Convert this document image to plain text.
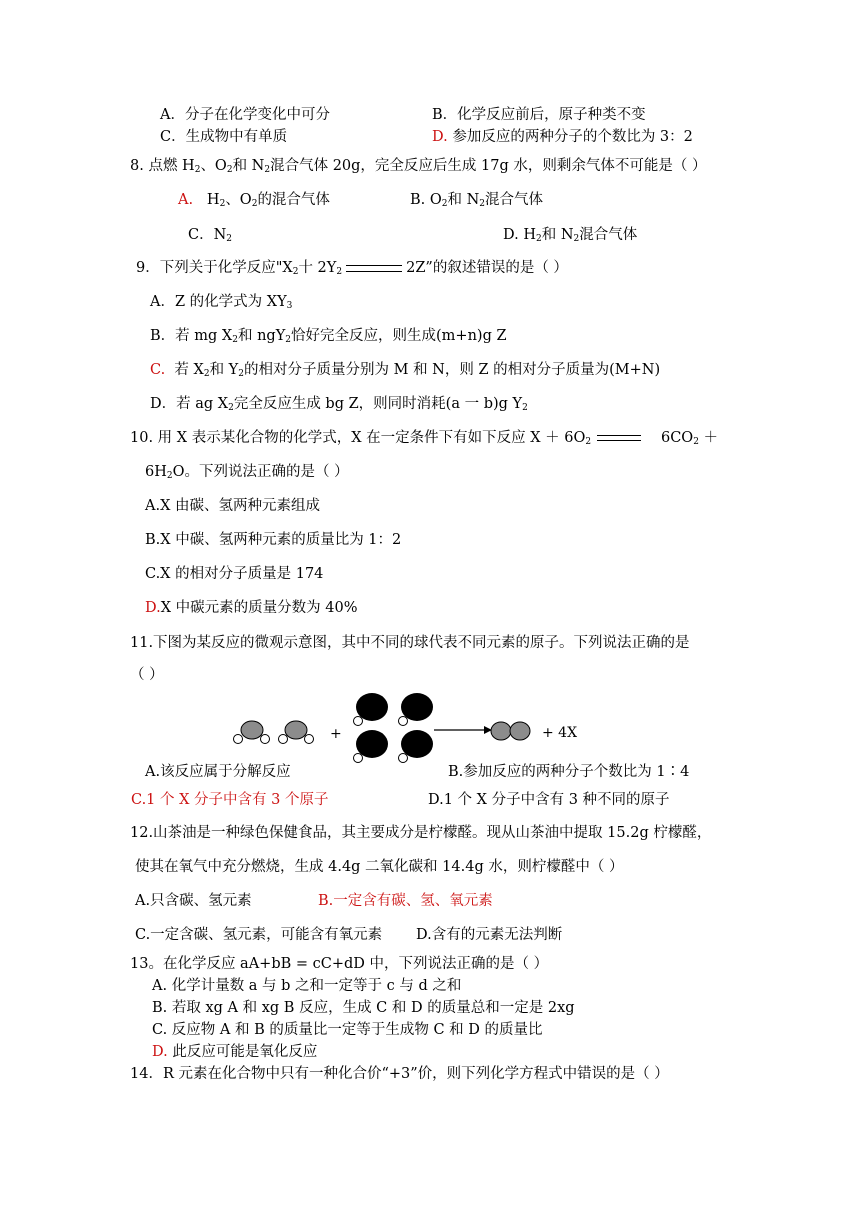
A．分子在化学变化中可分	B．化学反应前后，原子种类不变
C．生成物中有单质	D. 参加反应的两种分子的个数比为 3：2
8. 点燃 $H_2$、$O_2$和 $N_2$混合气体 20g，完全反应后生成 17g 水，则剩余气体不可能是（ ）
A. $H_2$、$O_2$的混合气体	B. $O_2$和 $N_2$混合气体
C．$N_2$	D. $H_2$和 $N_2$混合气体
9．下列关于化学反应"$X_2$十 $2Y_2$	2Z”的叙述错误的是（ ）
A．Z 的化学式为 $XY_3$
B．若 mg $X_2$和 ngY$_2$恰好完全反应，则生成(m+n)g Z
C. 若 $X_2$和 $Y_2$的相对分子质量分别为 M 和 N，则 Z 的相对分子质量为(M+N)
D．若 ag $X_2$完全反应生成 bg Z，则同时消耗(a 一 b)g $Y_2$
10. 用 X 表示某化合物的化学式，X 在一定条件下有如下反应 $X + 6O_2$	$6CO_2$ ＋
$6H_2O$。下列说法正确的是（ ）
A.X 由碳、氢两种元素组成
B.X 中碳、氢两种元素的质量比为 1：2
C.X 的相对分子质量是 174
D.X 中碳元素的质量分数为 40%
11.下图为某反应的微观示意图，其中不同的球代表不同元素的原子。下列说法正确的是
（ ）
+	+ 4X
A.该反应属于分解反应	B.参加反应的两种分子个数比为 1∶4
C.1 个 X 分子中含有 3 个原子	D.1 个 X 分子中含有 3 种不同的原子
12.山茶油是一种绿色保健食品，其主要成分是柠檬醛。现从山茶油中提取 15.2g 柠檬醛，
使其在氧气中充分燃烧，生成 4.4g 二氧化碳和 14.4g 水，则柠檬醛中（ ）
A.只含碳、氢元素	B.一定含有碳、氢、氧元素
C.一定含碳、氢元素，可能含有氧元素 D.含有的元素无法判断
13。在化学反应 aA+bB = cC+dD 中，下列说法正确的是（ ）
A. 化学计量数 a 与 b 之和一定等于 c 与 d 之和
B. 若取 xg A 和 xg B 反应，生成 C 和 D 的质量总和一定是 2xg
C. 反应物 A 和 B 的质量比一定等于生成物 C 和 D 的质量比
D. 此反应可能是氧化反应
14．R 元素在化合物中只有一种化合价“+3”价，则下列化学方程式中错误的是（ ）
